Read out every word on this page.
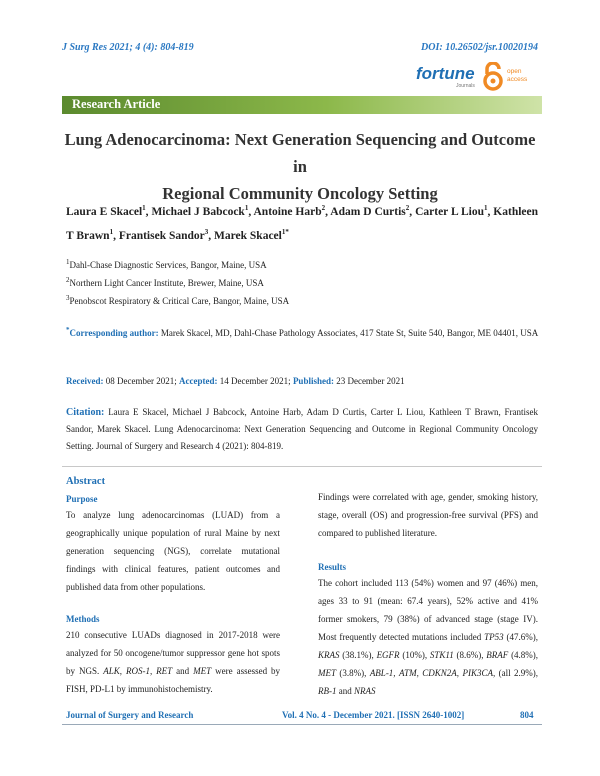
J Surg Res 2021; 4 (4): 804-819	DOI: 10.26502/jsr.10020194
fortune
Journals
open
access
Research Article
Lung Adenocarcinoma: Next Generation Sequencing and Outcome in
Regional Community Oncology Setting
Laura E Skacel$^1$, Michael J Babcock$^1$, Antoine Harb$^2$, Adam D Curtis$^2$, Carter L Liou$^1$, Kathleen T Brawn$^1$, Frantisek Sandor$^3$, Marek Skacel$^{1*}$
$^1$Dahl-Chase Diagnostic Services, Bangor, Maine, USA
$^2$Northern Light Cancer Institute, Brewer, Maine, USA
$^3$Penobscot Respiratory & Critical Care, Bangor, Maine, USA
*Corresponding author: Marek Skacel, MD, Dahl-Chase Pathology Associates, 417 State St, Suite 540, Bangor, ME 04401, USA
Received: 08 December 2021; Accepted: 14 December 2021; Published: 23 December 2021
Citation: Laura E Skacel, Michael J Babcock, Antoine Harb, Adam D Curtis, Carter L Liou, Kathleen T Brawn, Frantisek Sandor, Marek Skacel. Lung Adenocarcinoma: Next Generation Sequencing and Outcome in Regional Community Oncology Setting. Journal of Surgery and Research 4 (2021): 804-819.
Abstract
Purpose
To analyze lung adenocarcinomas (LUAD) from a geographically unique population of rural Maine by next generation sequencing (NGS), correlate mutational findings with clinical features, patient outcomes and published data from other populations.
Methods
210 consecutive LUADs diagnosed in 2017-2018 were analyzed for 50 oncogene/tumor suppressor gene hot spots by NGS. ALK, ROS-1, RET and MET were assessed by FISH, PD-L1 by immunohistochemistry.
Findings were correlated with age, gender, smoking history, stage, overall (OS) and progression-free survival (PFS) and compared to published literature.
Results
The cohort included 113 (54%) women and 97 (46%) men, ages 33 to 91 (mean: 67.4 years), 52% active and 41% former smokers, 79 (38%) of advanced stage (stage IV). Most frequently detected mutations included TP53 (47.6%), KRAS (38.1%), EGFR (10%), STK11 (8.6%), BRAF (4.8%), MET (3.8%), ABL-1, ATM, CDKN2A, PIK3CA, (all 2.9%), RB-1 and NRAS
Journal of Surgery and Research	Vol. 4 No. 4 - December 2021. [ISSN 2640-1002]	804
